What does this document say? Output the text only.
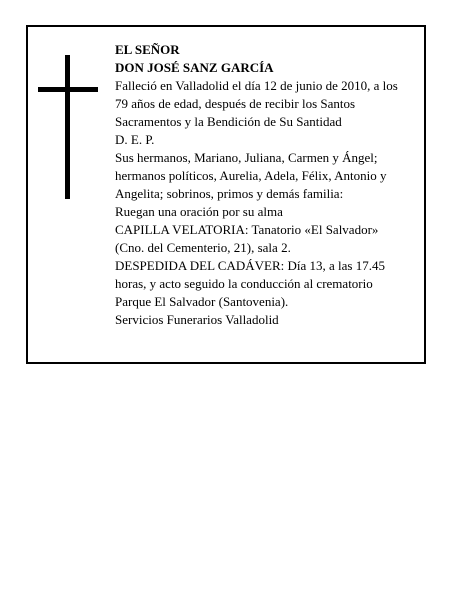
EL SEÑOR
DON JOSÉ SANZ GARCÍA
Falleció en Valladolid el día 12 de junio de 2010, a los
79 años de edad, después de recibir los Santos
Sacramentos y la Bendición de Su Santidad
D. E. P.
Sus hermanos, Mariano, Juliana, Carmen y Ángel;
hermanos políticos, Aurelia, Adela, Félix, Antonio y
Angelita; sobrinos, primos y demás familia:
Ruegan una oración por su alma
CAPILLA VELATORIA: Tanatorio «El Salvador»
(Cno. del Cementerio, 21), sala 2.
DESPEDIDA DEL CADÁVER: Día 13, a las 17.45
horas, y acto seguido la conducción al crematorio
Parque El Salvador (Santovenia).
Servicios Funerarios Valladolid
